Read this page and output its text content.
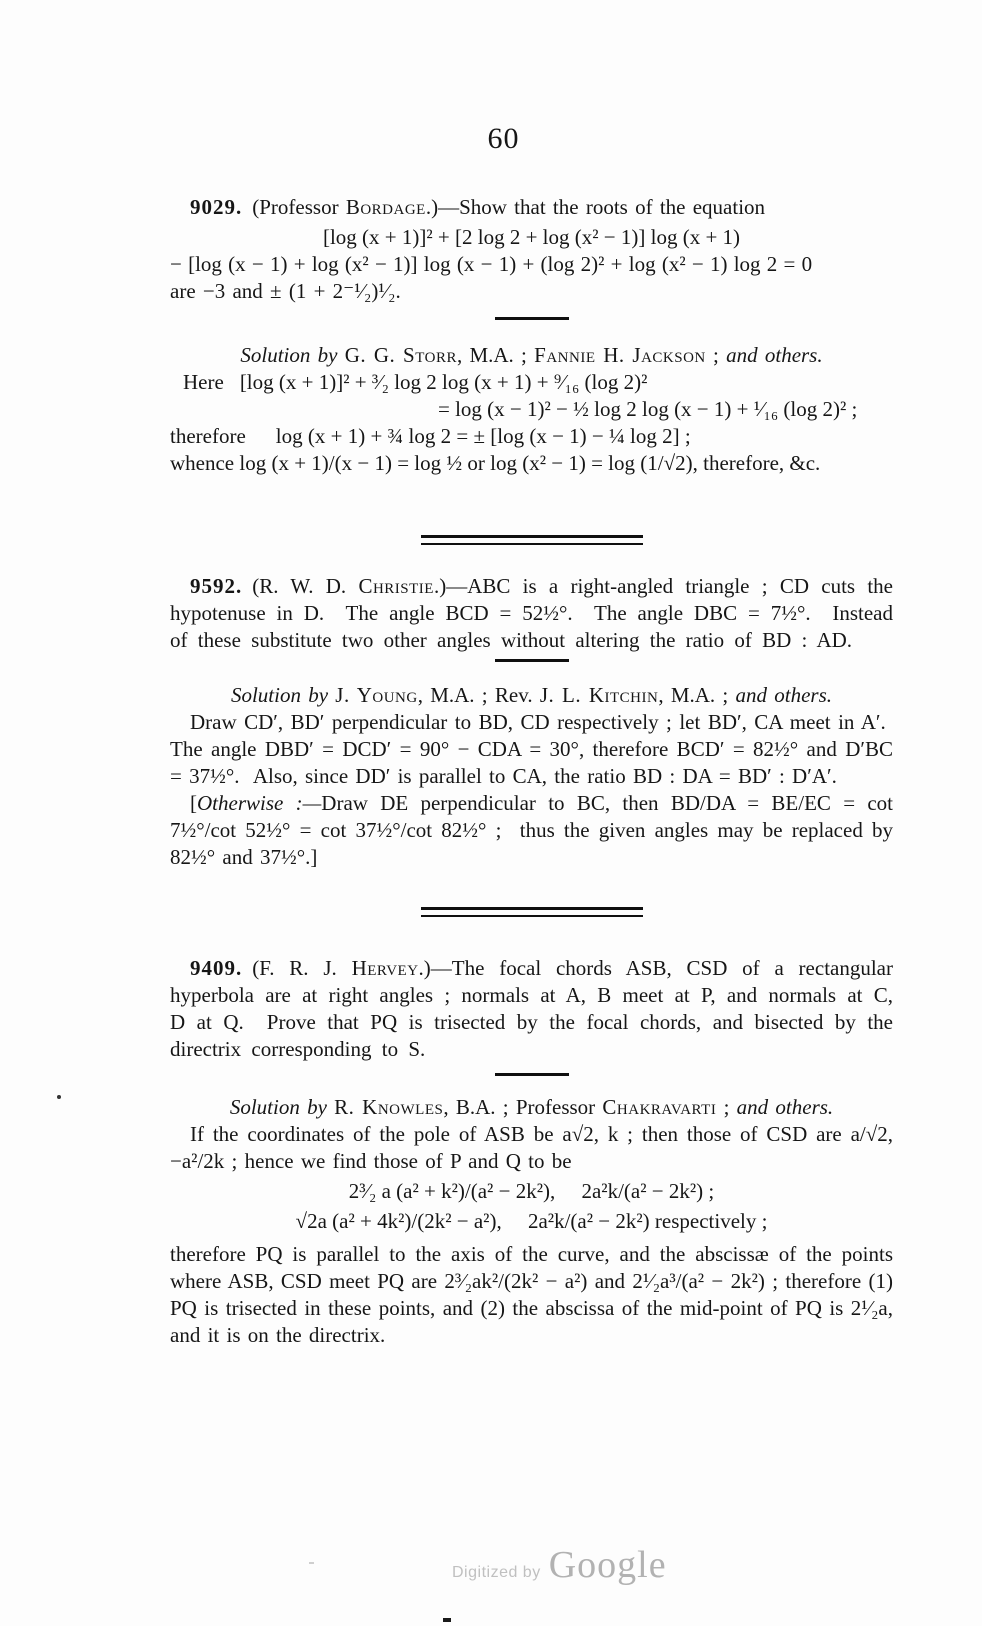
60

9029. (Professor Bordage.)—Show that the roots of the equation

[log (x + 1)]² + [2 log 2 + log (x² − 1)] log (x + 1)

− [log (x − 1) + log (x² − 1)] log (x − 1) + (log 2)² + log (x² − 1) log 2 = 0

are −3 and ± (1 + 2⁻¹⁄₂)¹⁄₂.

Solution by G. G. Storr, M.A. ; Fannie H. Jackson ; and others.

Here [log (x + 1)]² + ³⁄₂ log 2 log (x + 1) + ⁹⁄₁₆ (log 2)²

= log (x − 1)² − ½ log 2 log (x − 1) + ¹⁄₁₆ (log 2)² ;

therefore log (x + 1) + ¾ log 2 = ± [log (x − 1) − ¼ log 2] ;

whence log (x + 1)/(x − 1) = log ½ or log (x² − 1) = log (1/√2), therefore, &c.

9592. (R. W. D. Christie.)—ABC is a right-angled triangle ; CD cuts the hypotenuse in D.  The angle BCD = 52½°.  The angle DBC = 7½°.  Instead of these substitute two other angles without altering the ratio of BD : AD.

Solution by J. Young, M.A. ; Rev. J. L. Kitchin, M.A. ; and others.

Draw CD′, BD′ perpendicular to BD, CD respectively ; let BD′, CA meet in A′.  The angle DBD′ = DCD′ = 90° − CDA = 30°, therefore BCD′ = 82½° and D′BC = 37½°.  Also, since DD′ is parallel to CA, the ratio BD : DA = BD′ : D′A′.

[Otherwise :—Draw DE perpendicular to BC, then BD/DA = BE/EC = cot 7½°/cot 52½° = cot 37½°/cot 82½° ;  thus the given angles may be replaced by 82½° and 37½°.]

9409. (F. R. J. Hervey.)—The focal chords ASB, CSD of a rectangular hyperbola are at right angles ; normals at A, B meet at P, and normals at C, D at Q.  Prove that PQ is trisected by the focal chords, and bisected by the directrix corresponding to S.

Solution by R. Knowles, B.A. ; Professor Chakravarti ; and others.

If the coordinates of the pole of ASB be a√2, k ; then those of CSD are a/√2, −a²/2k ; hence we find those of P and Q to be

2³⁄₂ a (a² + k²)/(a² − 2k²),  2a²k/(a² − 2k²) ;

√2a (a² + 4k²)/(2k² − a²),  2a²k/(a² − 2k²) respectively ;

therefore PQ is parallel to the axis of the curve, and the abscissæ of the points where ASB, CSD meet PQ are 2³⁄₂ak²/(2k² − a²) and 2¹⁄₂a³/(a² − 2k²) ; therefore (1) PQ is trisected in these points, and (2) the abscissa of the mid-point of PQ is 2¹⁄₂a, and it is on the directrix.

Digitized by Google
